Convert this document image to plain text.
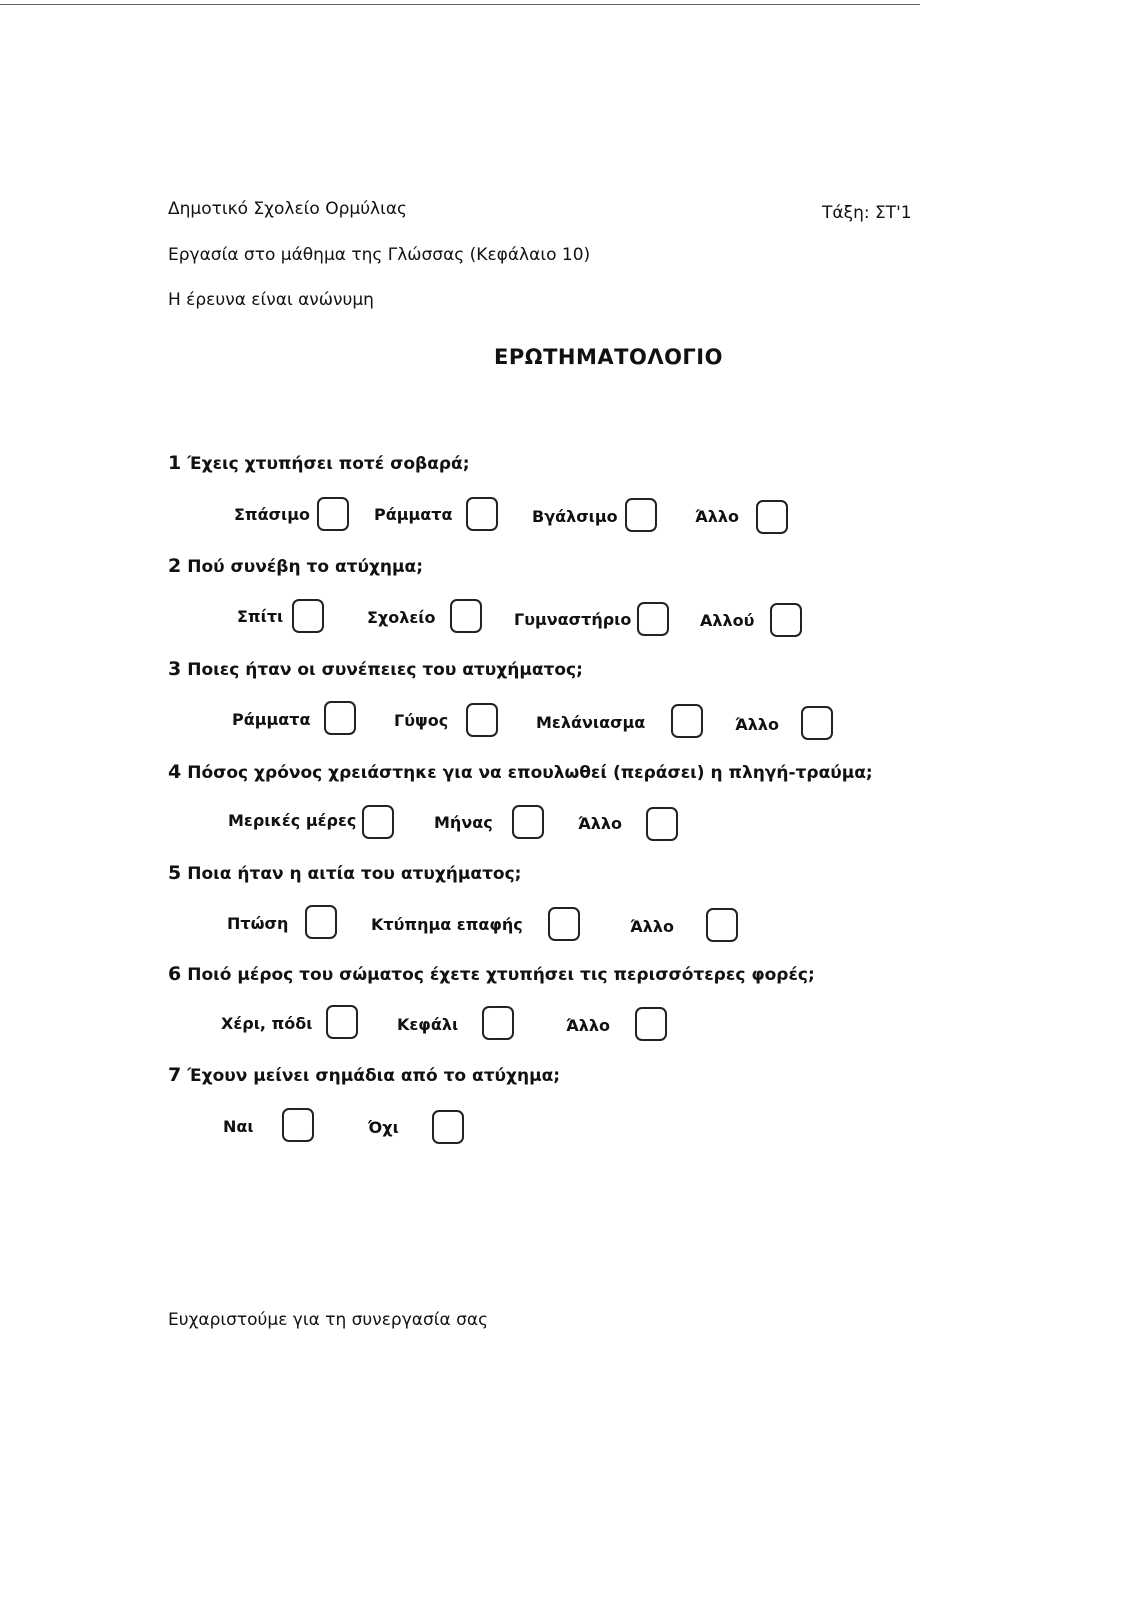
Δημοτικό Σχολείο Ορμύλιας	Τάξη: ΣΤ'1
Εργασία στο μάθημα της Γλώσσας (Κεφάλαιο 10)
Η έρευνα είναι ανώνυμη
ΕΡΩΤΗΜΑΤΟΛΟΓΙΟ
1 Έχεις χτυπήσει ποτέ σοβαρά;
Σπάσιμο	Ράμματα	Βγάλσιμο	Άλλο
2 Πού συνέβη το ατύχημα;
Σπίτι	Σχολείο	Γυμναστήριο	Αλλού
3 Ποιες ήταν οι συνέπειες του ατυχήματος;
Ράμματα	Γύψος	Μελάνιασμα	Άλλο
4 Πόσος χρόνος χρειάστηκε για να επουλωθεί (περάσει) η πληγή-τραύμα;
Μερικές μέρες	Μήνας	Άλλο
5 Ποια ήταν η αιτία του ατυχήματος;
Πτώση	Κτύπημα επαφής	Άλλο
6 Ποιό μέρος του σώματος έχετε χτυπήσει τις περισσότερες φορές;
Χέρι, πόδι	Κεφάλι	Άλλο
7 Έχουν μείνει σημάδια από το ατύχημα;
Ναι	Όχι
Ευχαριστούμε για τη συνεργασία σας
